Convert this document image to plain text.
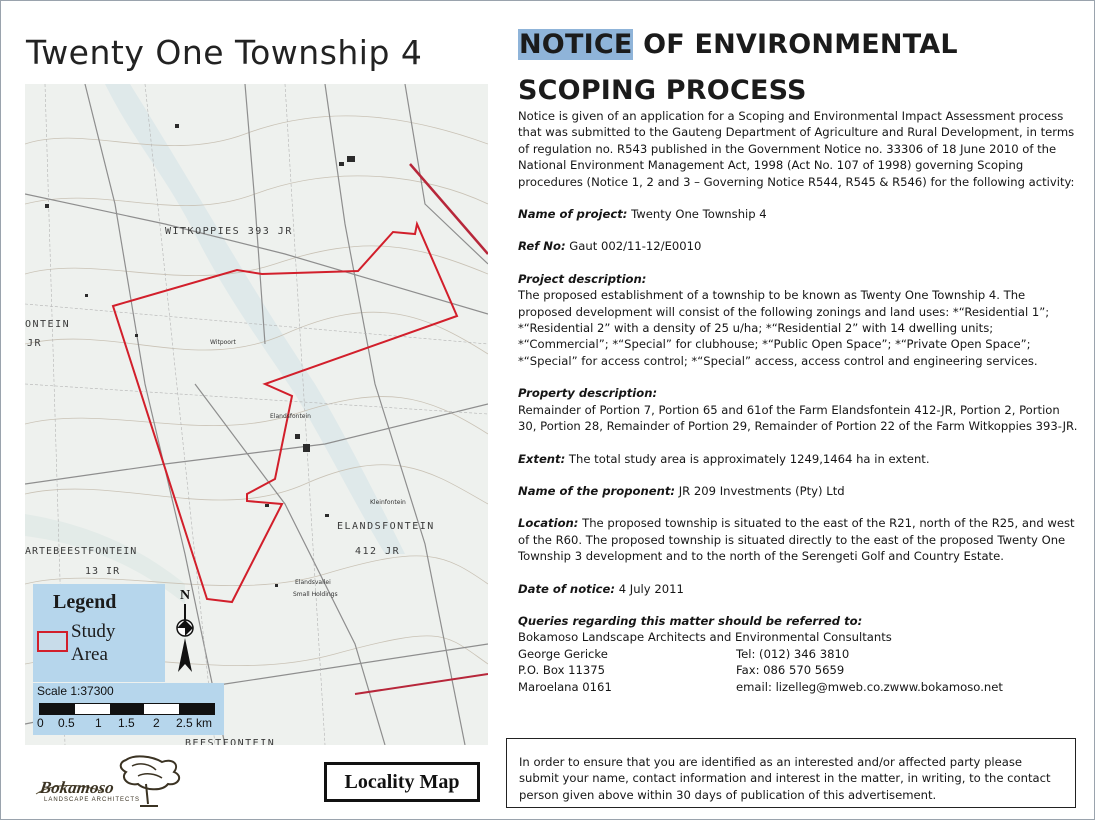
Twenty One Township 4
WITKOPPIES 393 JR
ONTEIN
JR
ELANDSFONTEIN
412 JR
ARTEBEESTFONTEIN
13 IR
BEESTFONTEIN
Witpoort
Elandsfontein
Small Holdings
Elandsvallei
Kleinfontein
Legend
Study Area
Scale 1:37300
0 0.5 1 1.5 2 2.5 km
N
Bokamoso
LANDSCAPE ARCHITECTS
Locality Map
NOTICE OF ENVIRONMENTAL
SCOPING PROCESS

Notice is given of an application for a Scoping and Environmental Impact Assessment process that was submitted to the Gauteng Department of Agriculture and Rural Development, in terms of regulation no. R543 published in the Government Notice no. 33306 of 18 June 2010 of the National Environment Management Act, 1998 (Act No. 107 of 1998) governing Scoping procedures (Notice 1, 2 and 3 – Governing Notice R544, R545 & R546) for the following activity:

Name of project: Twenty One Township 4

Ref No: Gaut 002/11-12/E0010

Project description:

The proposed establishment of a township to be known as Twenty One Township 4. The proposed development will consist of the following zonings and land uses: *“Residential 1”; *“Residential 2” with a density of 25 u/ha; *“Residential 2” with 14 dwelling units; *“Commercial”; *“Special” for clubhouse; *“Public Open Space”; *“Private Open Space”; *“Special” for access control; *“Special” access, access control and engineering services.

Property description:

Remainder of Portion 7, Portion 65 and 61of the Farm Elandsfontein 412-JR, Portion 2, Portion 30, Portion 28, Remainder of Portion 29, Remainder of Portion 22 of the Farm Witkoppies 393-JR.

Extent: The total study area is approximately 1249,1464 ha in extent.

Name of the proponent: JR 209 Investments (Pty) Ltd

Location: The proposed township is situated to the east of the R21, north of the R25, and west of the R60. The proposed township is situated directly to the east of the proposed Twenty One Township 3 development and to the north of the Serengeti Golf and Country Estate.

Date of notice: 4 July 2011

Queries regarding this matter should be referred to:

Bokamoso Landscape Architects and Environmental Consultants

George Gericke	Tel: (012) 346 3810
P.O. Box 11375	Fax: 086 570 5659
Maroelana 0161	email: lizelleg@mweb.co.zwww.bokamoso.net
In order to ensure that you are identified as an interested and/or affected party please submit your name, contact information and interest in the matter, in writing, to the contact person given above within 30 days of publication of this advertisement.
